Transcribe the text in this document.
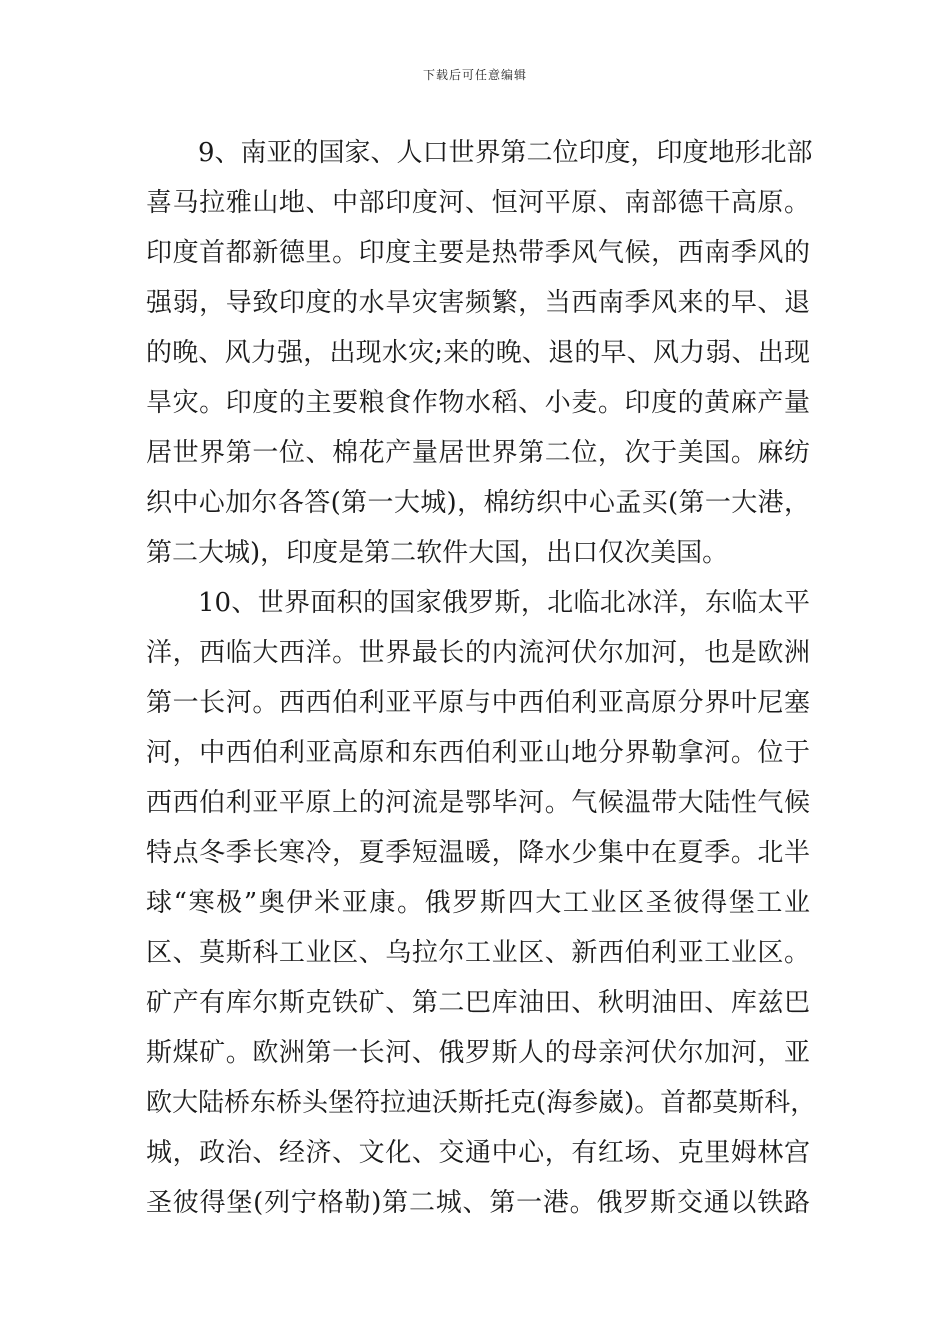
下载后可任意编辑
9、南亚的国家、人口世界第二位印度，印度地形北部
喜马拉雅山地、中部印度河、恒河平原、南部德干高原。
印度首都新德里。印度主要是热带季风气候，西南季风的
强弱，导致印度的水旱灾害频繁，当西南季风来的早、退
的晚、风力强，出现水灾;来的晚、退的早、风力弱、出现
旱灾。印度的主要粮食作物水稻、小麦。印度的黄麻产量
居世界第一位、棉花产量居世界第二位，次于美国。麻纺
织中心加尔各答(第一大城)，棉纺织中心孟买(第一大港，
第二大城)，印度是第二软件大国，出口仅次美国。
10、世界面积的国家俄罗斯，北临北冰洋，东临太平
洋，西临大西洋。世界最长的内流河伏尔加河，也是欧洲
第一长河。西西伯利亚平原与中西伯利亚高原分界叶尼塞
河，中西伯利亚高原和东西伯利亚山地分界勒拿河。位于
西西伯利亚平原上的河流是鄂毕河。气候温带大陆性气候
特点冬季长寒冷，夏季短温暖，降水少集中在夏季。北半
球“寒极”奥伊米亚康。俄罗斯四大工业区圣彼得堡工业
区、莫斯科工业区、乌拉尔工业区、新西伯利亚工业区。
矿产有库尔斯克铁矿、第二巴库油田、秋明油田、库兹巴
斯煤矿。欧洲第一长河、俄罗斯人的母亲河伏尔加河，亚
欧大陆桥东桥头堡符拉迪沃斯托克(海参崴)。首都莫斯科，
城，政治、经济、文化、交通中心，有红场、克里姆林宫
圣彼得堡(列宁格勒)第二城、第一港。俄罗斯交通以铁路
